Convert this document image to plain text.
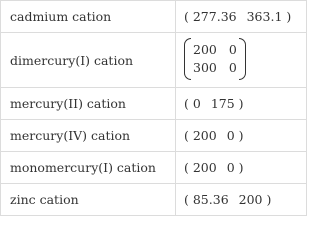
cadmium cation	( 277.36 363.1 )
dimercury(I) cation	200 0
300 0

mercury(II) cation	( 0 175 )
mercury(IV) cation	( 200 0 )
monomercury(I) cation	( 200 0 )
zinc cation	( 85.36 200 )
